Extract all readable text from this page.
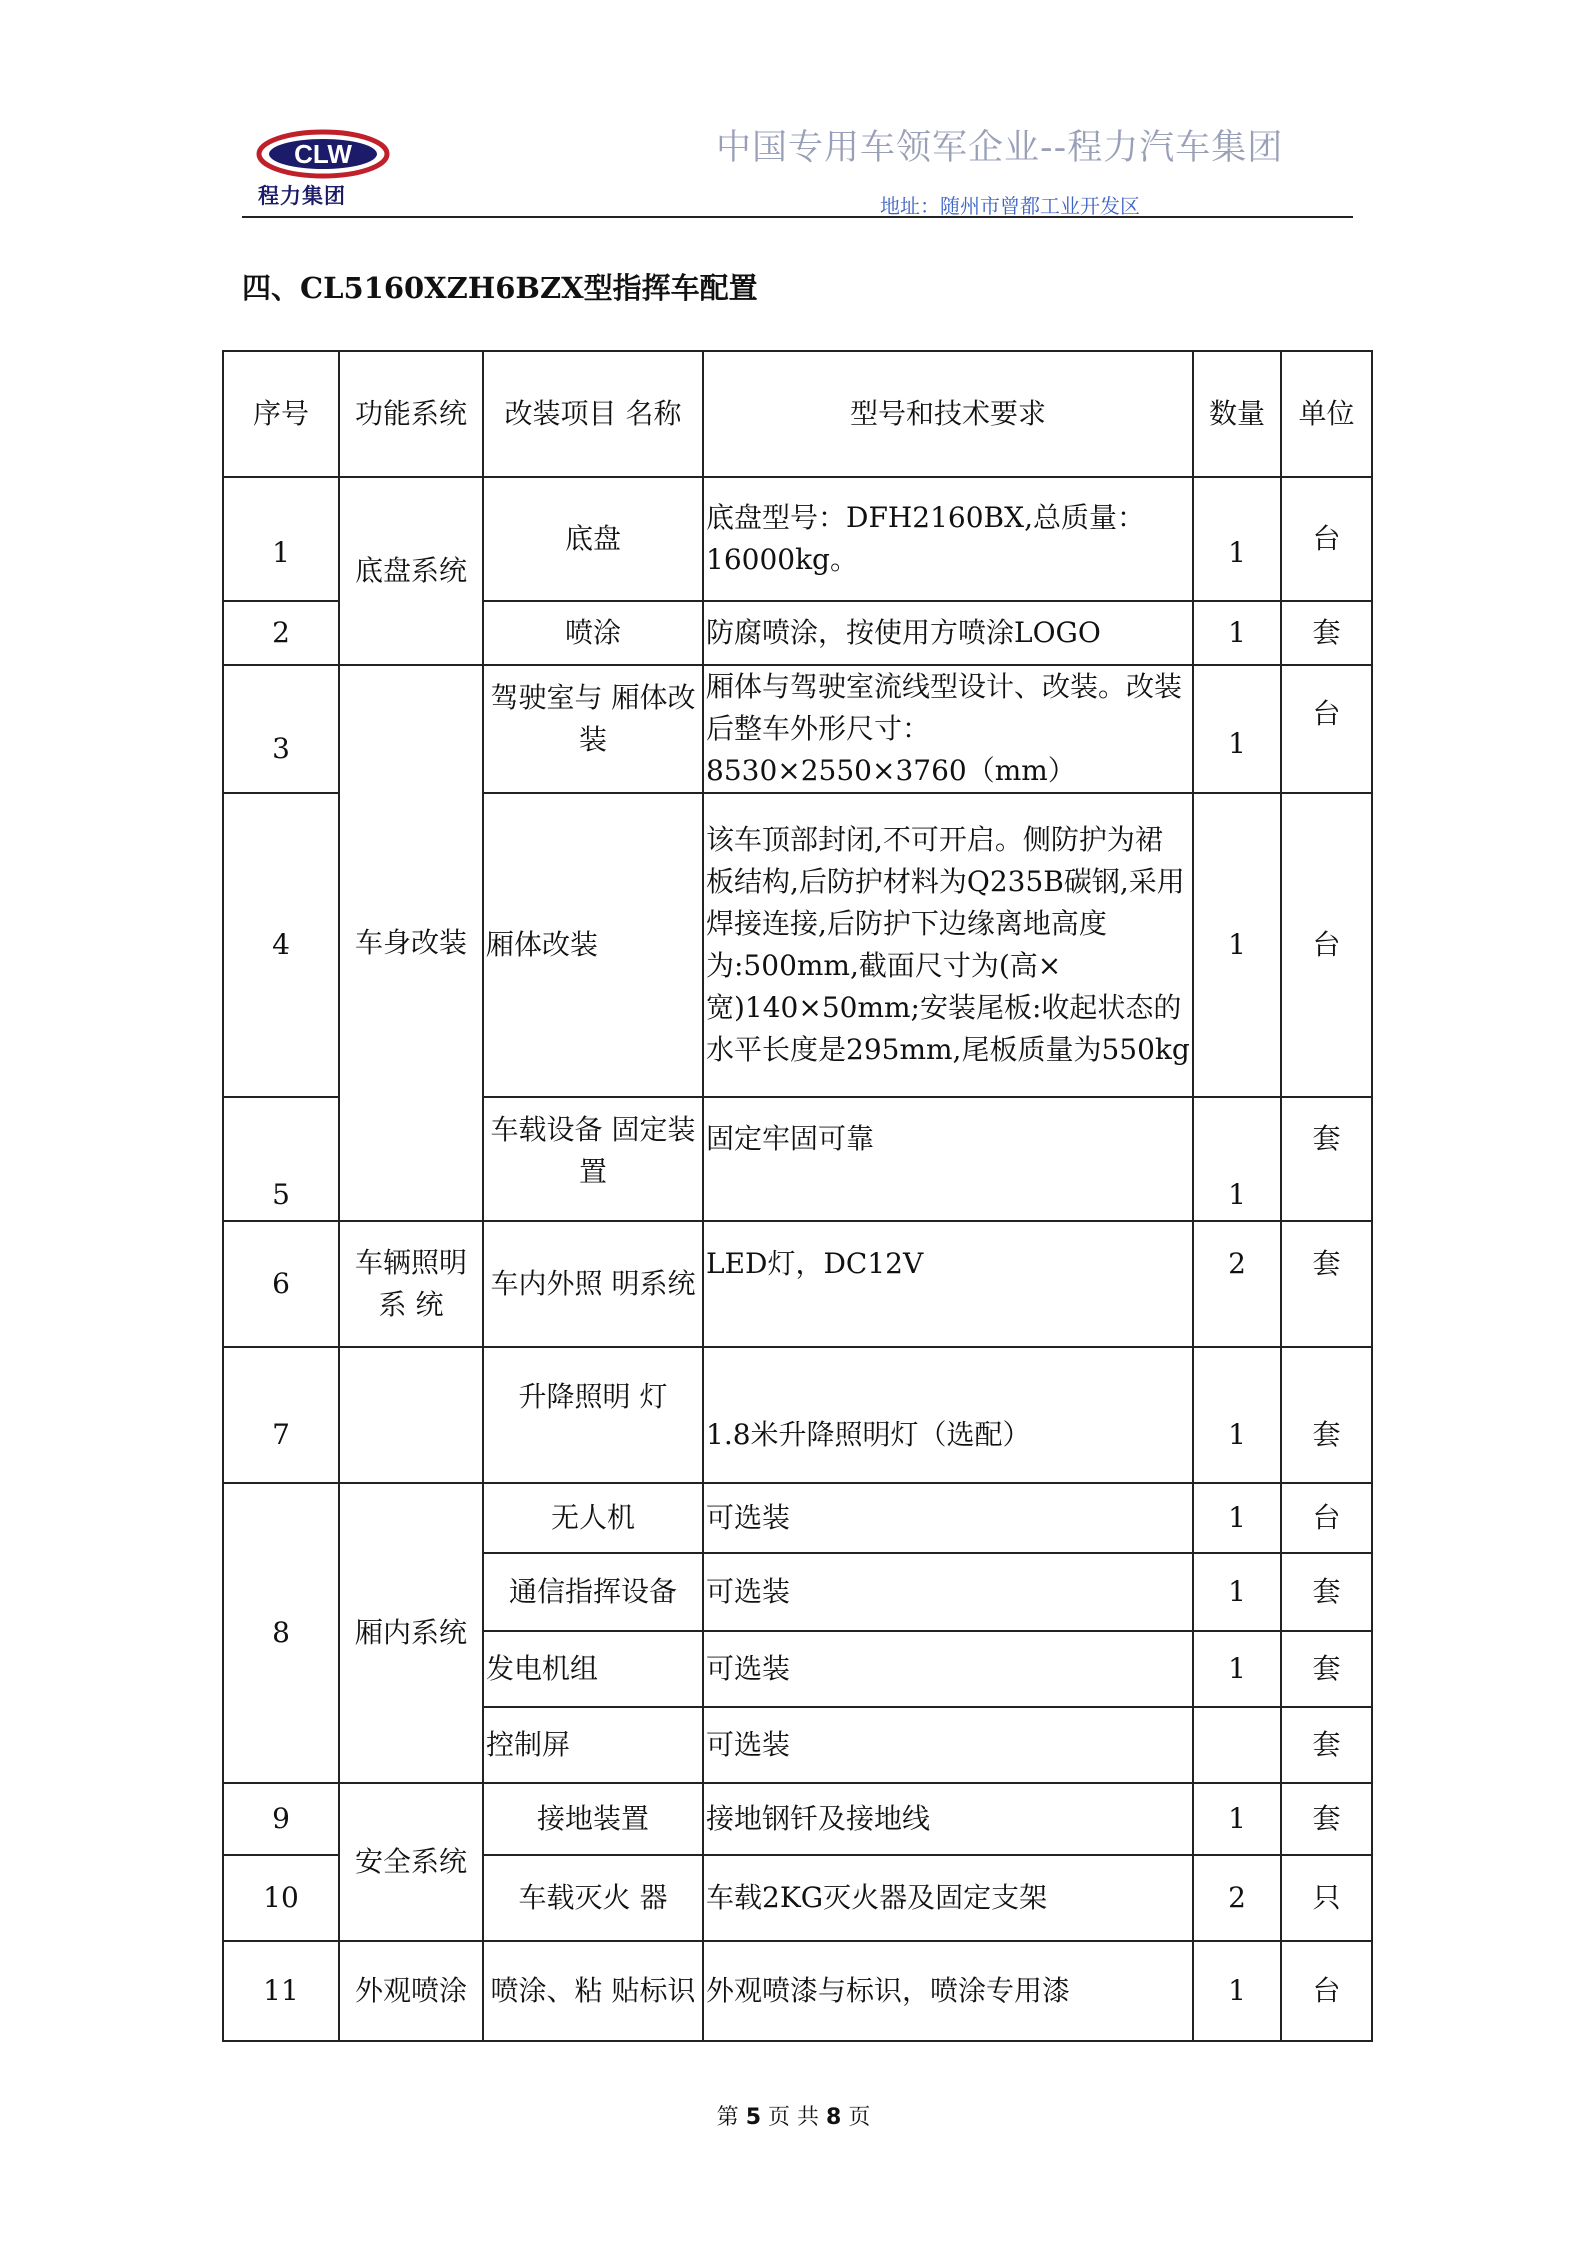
CLW
程力集团
中国专用车领军企业--程力汽车集团
地址：随州市曾都工业开发区
四、CL5160XZH6BZX型指挥车配置
序号	功能系统	改装项目 名称	型号和技术要求	数量	单位
1	底盘系统	底盘	底盘型号：DFH2160BX,总质量：16000kg。	1	台
2		喷涂	防腐喷涂，按使用方喷涂LOGO	1	套
3	车身改装	驾驶室与 厢体改装	厢体与驾驶室流线型设计、改装。改装后整车外形尺寸：8530×2550×3760（mm）	1	台
4		厢体改装	该车顶部封闭,不可开启。侧防护为裙板结构,后防护材料为Q235B碳钢,采用焊接连接,后防护下边缘离地高度为:500mm,截面尺寸为(高×宽)140×50mm;安装尾板:收起状态的水平长度是295mm,尾板质量为550kg	1	台
5		车载设备 固定装置	固定牢固可靠	1	套
6	车辆照明 系 统	车内外照 明系统	LED灯，DC12V	2	套
7		升降照明 灯	1.8米升降照明灯（选配）	1	套
8	厢内系统	无人机	可选装	1	台
		通信指挥设备	可选装	1	套
		发电机组	可选装	1	套
		控制屏	可选装		套
9	安全系统	接地装置	接地钢钎及接地线	1	套
10		车载灭火 器	车载2KG灭火器及固定支架	2	只
11	外观喷涂	喷涂、粘 贴标识	外观喷漆与标识，喷涂专用漆	1	台
第 5 页 共 8 页
